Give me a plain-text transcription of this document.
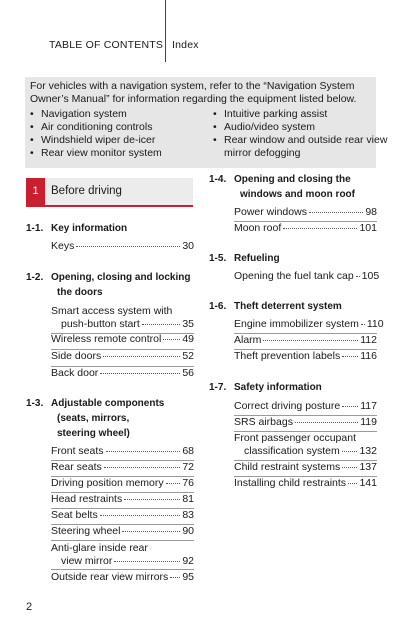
TABLE OF CONTENTS Index
For vehicles with a navigation system, refer to the “Navigation System Owner’s Manual” for information regarding the equipment listed below.
• Navigation system
• Air conditioning controls
• Windshield wiper de-icer
• Rear view monitor system
• Intuitive parking assist
• Audio/video system
• Rear window and outside rear view
mirror defogging
1	Before driving
1-1. Key information
Keys	30
1-2. Opening, closing and locking
the doors
Smart access system with
push-button start	35
Wireless remote control 49
Side doors	52
Back door	56
1-3. Adjustable components
(seats, mirrors,
steering wheel)
Front seats	68
Rear seats	72
Driving position memory 76
Head restraints	81
Seat belts	83
Steering wheel	90
Anti-glare inside rear
view mirror	92
Outside rear view mirrors 95
1-4. Opening and closing the
windows and moon roof
Power windows	98
Moon roof	101
1-5. Refueling
Opening the fuel tank cap 105
1-6. Theft deterrent system
Engine immobilizer system 110
Alarm	112
Theft prevention labels 116
1-7. Safety information
Correct driving posture 117
SRS airbags	119
Front passenger occupant
classification system 132
Child restraint systems 137
Installing child restraints 141
2
